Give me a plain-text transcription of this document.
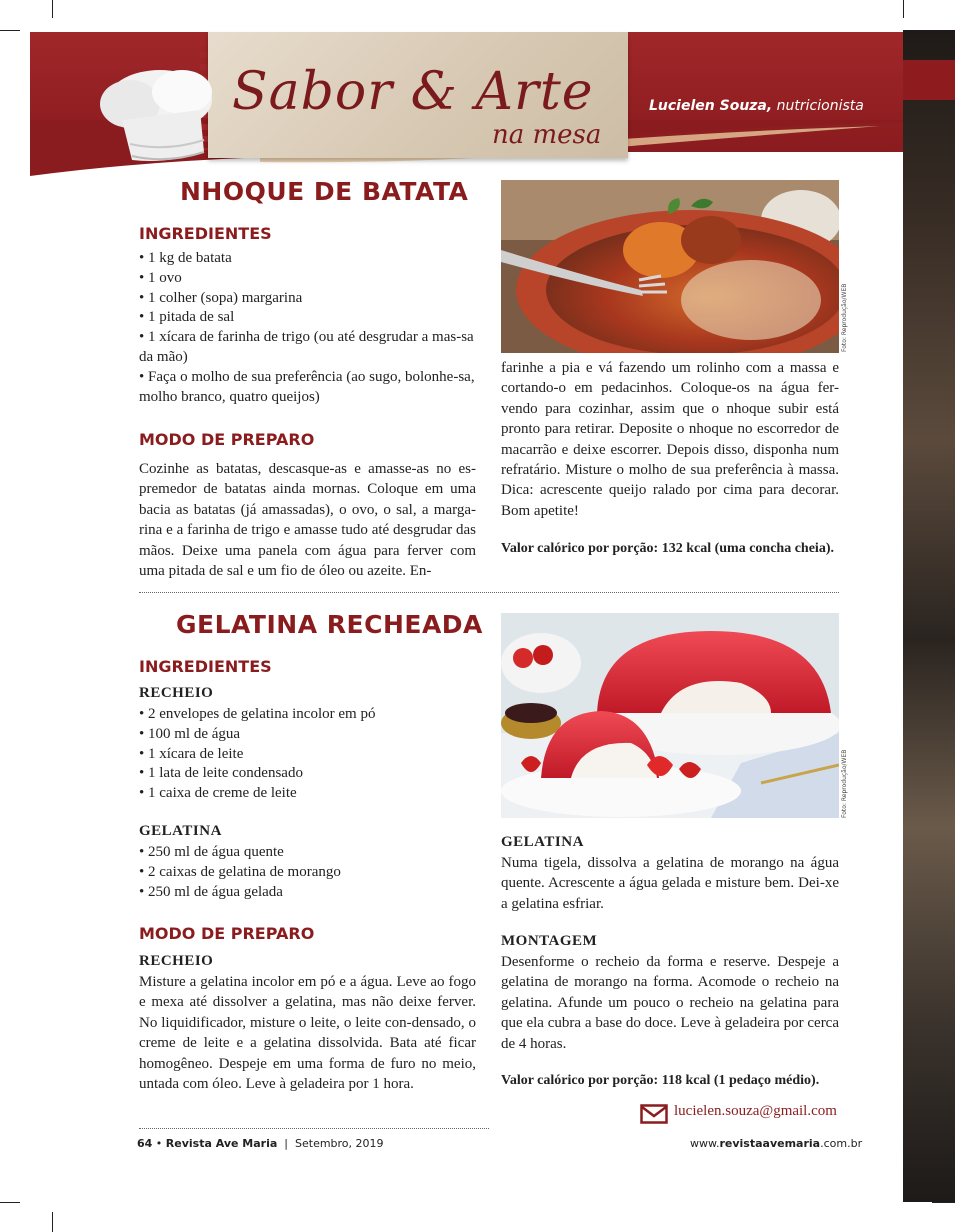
Sabor & Arte
na mesa
Lucielen Souza, nutricionista
NHOQUE DE BATATA
INGREDIENTES
• 1 kg de batata
• 1 ovo
• 1 colher (sopa) margarina
• 1 pitada de sal
• 1 xícara de farinha de trigo (ou até desgrudar a mas-sa da mão)
• Faça o molho de sua preferência (ao sugo, bolonhe-sa, molho branco, quatro queijos)
MODO DE PREPARO

Cozinhe as batatas, descasque-as e amasse-as no es-premedor de batatas ainda mornas. Coloque em uma bacia as batatas (já amassadas), o ovo, o sal, a marga-rina e a farinha de trigo e amasse tudo até desgrudar das mãos. Deixe uma panela com água para ferver com uma pitada de sal e um fio de óleo ou azeite. En-

Foto: Reprodução/WEB

farinhe a pia e vá fazendo um rolinho com a massa e cortando-o em pedacinhos. Coloque-os na água fer-vendo para cozinhar, assim que o nhoque subir está pronto para retirar. Deposite o nhoque no escorredor de macarrão e deixe escorrer. Depois disso, disponha num refratário. Misture o molho de sua preferência à massa. Dica: acrescente queijo ralado por cima para decorar. Bom apetite!

Valor calórico por porção: 132 kcal (uma concha cheia).

GELATINA RECHEADA
INGREDIENTES

RECHEIO

• 2 envelopes de gelatina incolor em pó
• 100 ml de água
• 1 xícara de leite
• 1 lata de leite condensado
• 1 caixa de creme de leite

GELATINA

• 250 ml de água quente
• 2 caixas de gelatina de morango
• 250 ml de água gelada
MODO DE PREPARO

RECHEIO

Misture a gelatina incolor em pó e a água. Leve ao fogo e mexa até dissolver a gelatina, mas não deixe ferver. No liquidificador, misture o leite, o leite con-densado, o creme de leite e a gelatina dissolvida. Bata até ficar homogêneo. Despeje em uma forma de furo no meio, untada com óleo. Leve à geladeira por 1 hora.

Foto: Reprodução/WEB

GELATINA

Numa tigela, dissolva a gelatina de morango na água quente. Acrescente a água gelada e misture bem. Dei-xe a gelatina esfriar.

MONTAGEM

Desenforme o recheio da forma e reserve. Despeje a gelatina de morango na forma. Acomode o recheio na gelatina. Afunde um pouco o recheio na gelatina para que ela cubra a base do doce. Leve à geladeira por cerca de 4 horas.

Valor calórico por porção: 118 kcal (1 pedaço médio).

lucielen.souza@gmail.com
64 • Revista Ave Maria  |  Setembro, 2019	www.revistaavemaria.com.br
